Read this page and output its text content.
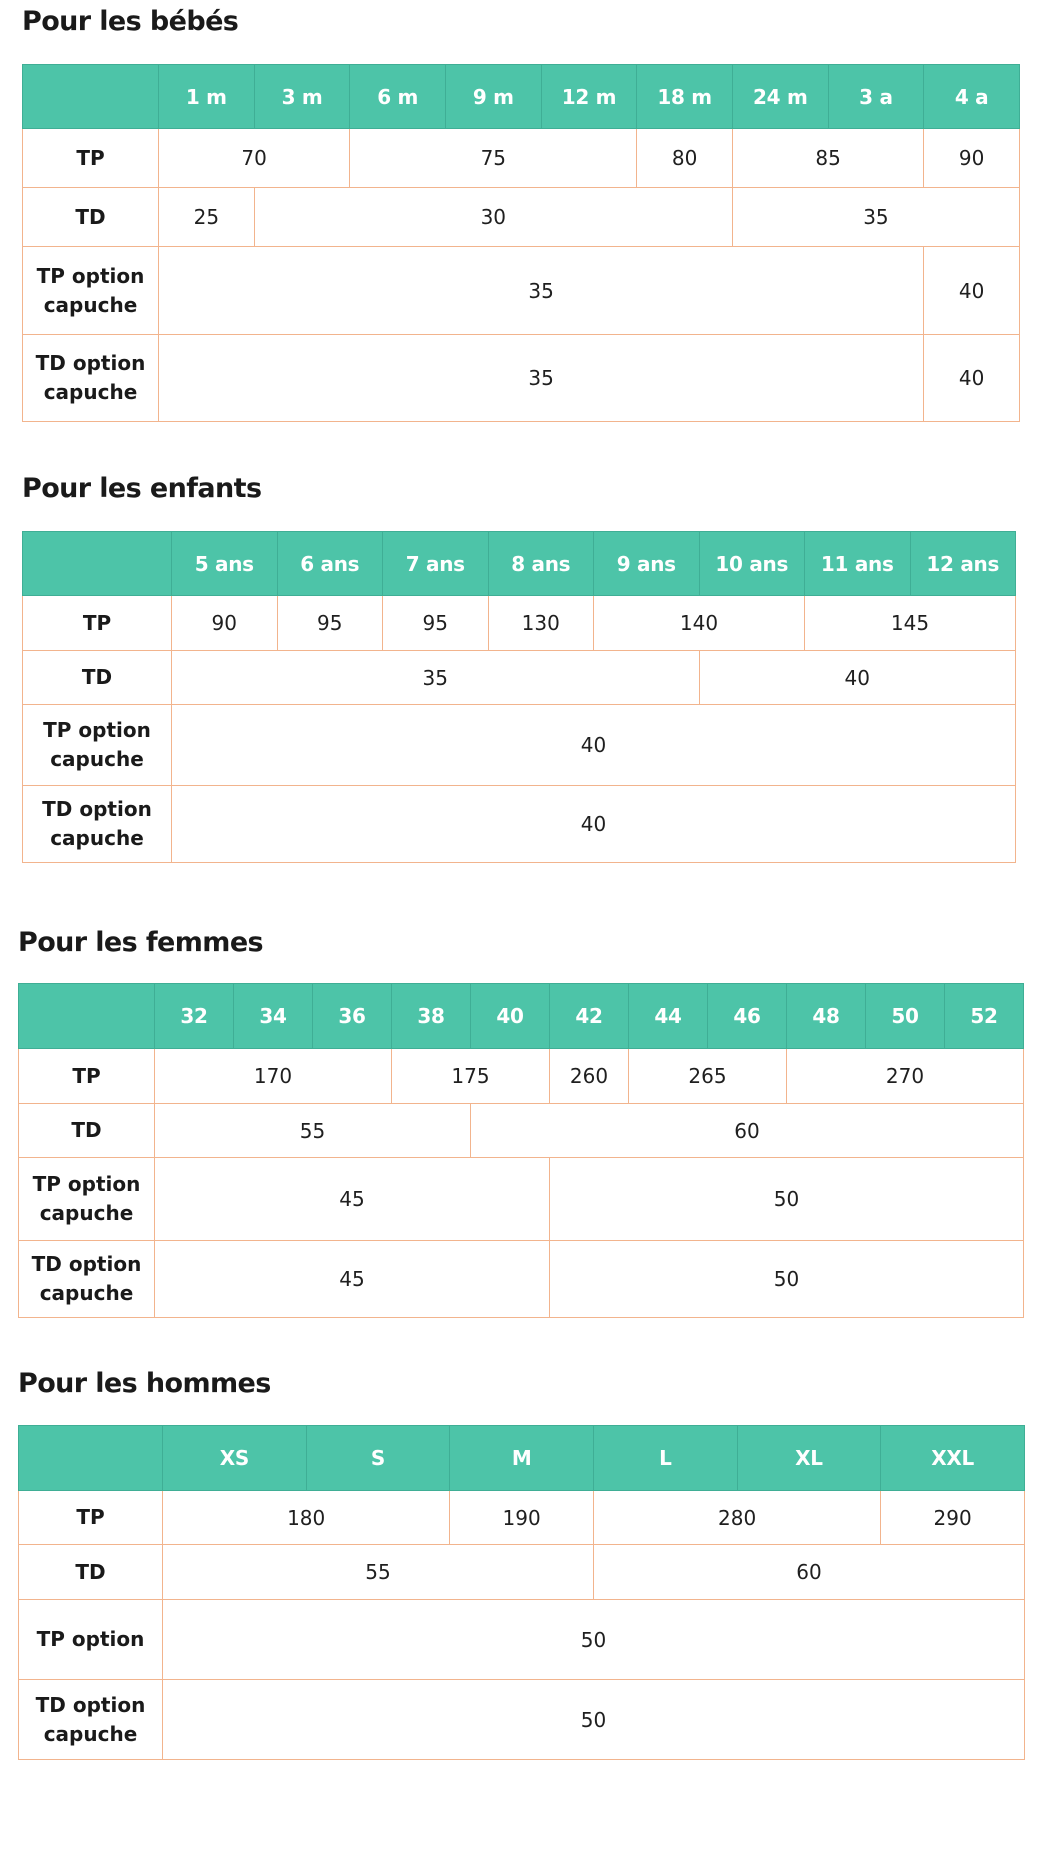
Pour les bébés
	1 m	3 m	6 m	9 m	12 m	18 m	24 m	3 a	4 a
TP	70		75			80	85		90
TD	25	30					35		
TP option capuche	35								40
TD option capuche	35								40
Pour les enfants
	5 ans	6 ans	7 ans	8 ans	9 ans	10 ans	11 ans	12 ans
TP	90	95	95	130	140		145	
TD	35					40		
TP option capuche	40							
TD option capuche	40							
Pour les femmes
	32	34	36	38	40	42	44	46	48	50	52
TP	170			175		260	265		270		
TD	55				60						
TP option capuche	45					50					
TD option capuche	45					50					
Pour les hommes
	XS	S	M	L	XL	XXL
TP	180		190	280		290
TD	55			60		
TP option	50					
TD option capuche	50					
